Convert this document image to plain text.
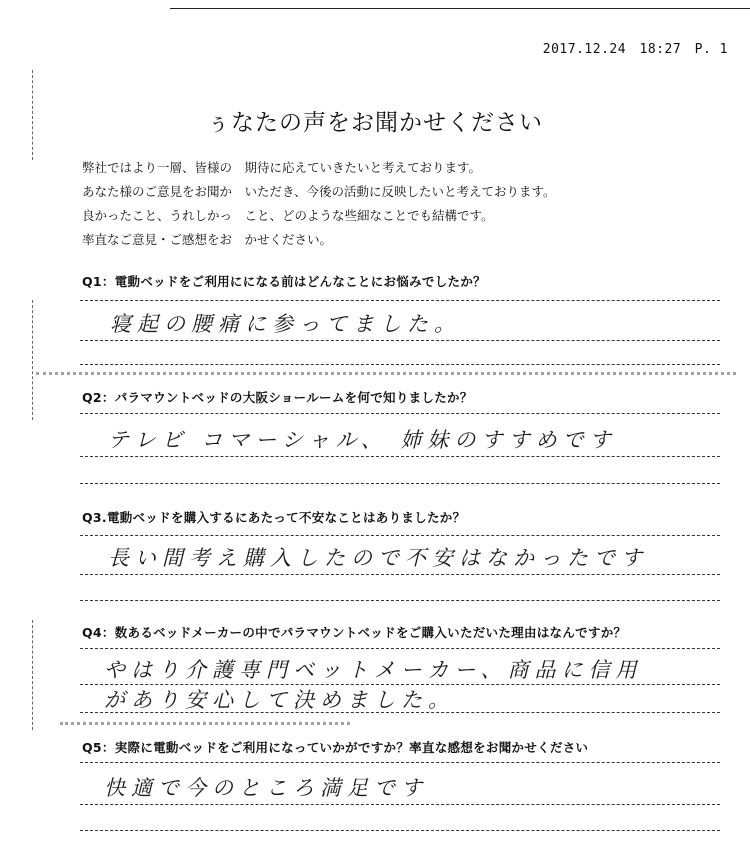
2017.12.24　18:27　P. 1
ぅなたの声をお聞かせください
弊社ではより一層、皆様の　期待に応えていきたいと考えております。
あなた様のご意見をお聞か　いただき、今後の活動に反映したいと考えております。
良かったこと、うれしかっ　こと、どのような些細なことでも結構です。
率直なご意見・ご感想をお　かせください。
Q1：電動ベッドをご利用にになる前はどんなことにお悩みでしたか？
寝起の腰痛に参ってました。
Q2：パラマウントベッドの大阪ショールームを何で知りましたか？
テレビ コマーシャル、 姉妹のすすめです
Q3.電動ベッドを購入するにあたって不安なことはありましたか？
長い間考え購入したので不安はなかったです
Q4：数あるベッドメーカーの中でパラマウントベッドをご購入いただいた理由はなんですか？
やはり介護専門ベットメーカー、商品に信用
があり安心して決めました。
Q5：実際に電動ベッドをご利用になっていかがですか？率直な感想をお聞かせください
快適で今のところ満足です
